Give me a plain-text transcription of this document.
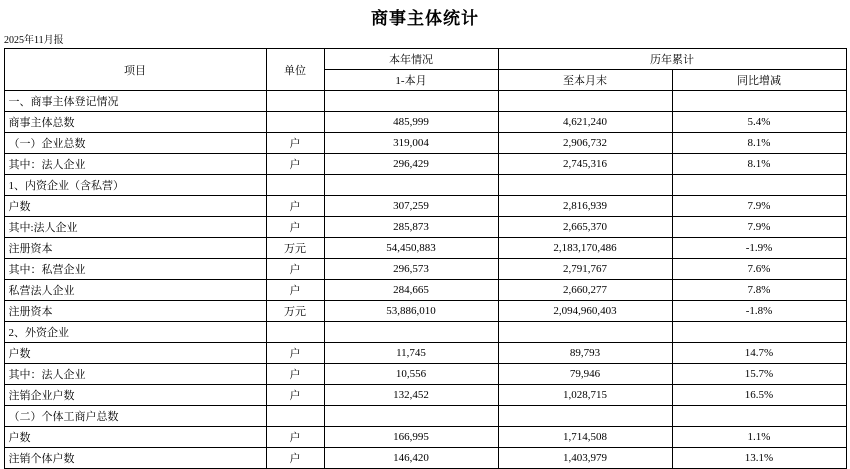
商事主体统计
2025年11月报
项目	单位	本年情况	历年累计	
		1-本月	至本月末	同比增减
一、商事主体登记情况				
商事主体总数		485,999	4,621,240	5.4%
（一）企业总数	户	319,004	2,906,732	8.1%
其中：法人企业	户	296,429	2,745,316	8.1%
1、内资企业（含私营）				
户数	户	307,259	2,816,939	7.9%
其中:法人企业	户	285,873	2,665,370	7.9%
注册资本	万元	54,450,883	2,183,170,486	-1.9%
其中：私营企业	户	296,573	2,791,767	7.6%
私营法人企业	户	284,665	2,660,277	7.8%
注册资本	万元	53,886,010	2,094,960,403	-1.8%
2、外资企业				
户数	户	11,745	89,793	14.7%
其中：法人企业	户	10,556	79,946	15.7%
注销企业户数	户	132,452	1,028,715	16.5%
（二）个体工商户总数				
户数	户	166,995	1,714,508	1.1%
注销个体户数	户	146,420	1,403,979	13.1%
